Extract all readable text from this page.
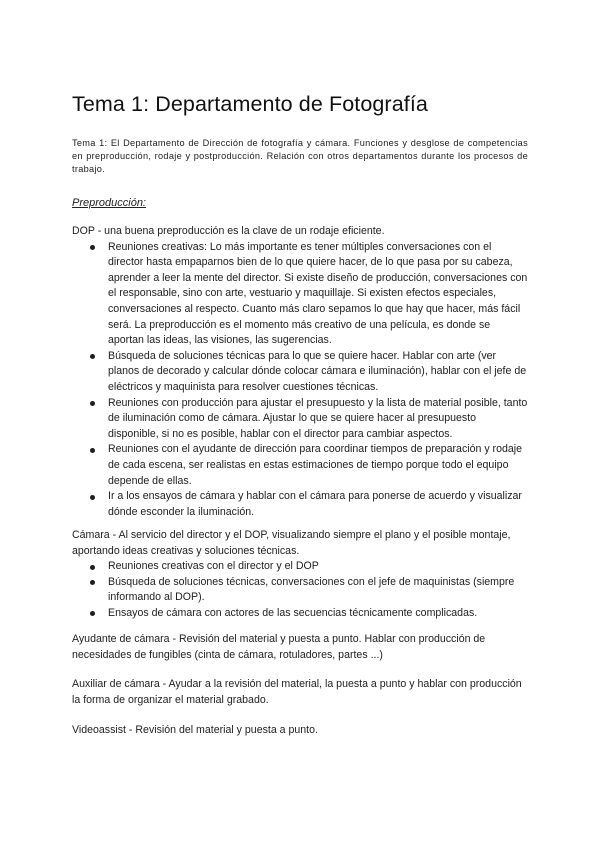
Tema 1: Departamento de Fotografía
Tema 1: El Departamento de Dirección de fotografía y cámara. Funciones y desglose de competencias en preproducción, rodaje y postproducción. Relación con otros departamentos durante los procesos de trabajo.
Preproducción:

DOP - una buena preproducción es la clave de un rodaje eficiente.

Reuniones creativas: Lo más importante es tener múltiples conversaciones con el director hasta empaparnos bien de lo que quiere hacer, de lo que pasa por su cabeza, aprender a leer la mente del director. Si existe diseño de producción, conversaciones con el responsable, sino con arte, vestuario y maquillaje. Si existen efectos especiales, conversaciones al respecto. Cuanto más claro sepamos lo que hay que hacer, más fácil será. La preproducción es el momento más creativo de una película, es donde se aportan las ideas, las visiones, las sugerencias.
Búsqueda de soluciones técnicas para lo que se quiere hacer. Hablar con arte (ver planos de decorado y calcular dónde colocar cámara e iluminación), hablar con el jefe de eléctricos y maquinista para resolver cuestiones técnicas.
Reuniones con producción para ajustar el presupuesto y la lista de material posible, tanto de iluminación como de cámara. Ajustar lo que se quiere hacer al presupuesto disponible, si no es posible, hablar con el director para cambiar aspectos.
Reuniones con el ayudante de dirección para coordinar tiempos de preparación y rodaje de cada escena, ser realistas en estas estimaciones de tiempo porque todo el equipo depende de ellas.
Ir a los ensayos de cámara y hablar con el cámara para ponerse de acuerdo y visualizar dónde esconder la iluminación.

Cámara - Al servicio del director y el DOP, visualizando siempre el plano y el posible montaje, aportando ideas creativas y soluciones técnicas.

Reuniones creativas con el director y el DOP
Búsqueda de soluciones técnicas, conversaciones con el jefe de maquinistas (siempre informando al DOP).
Ensayos de cámara con actores de las secuencias técnicamente complicadas.
Ayudante de cámara - Revisión del material y puesta a punto. Hablar con producción de necesidades de fungibles (cinta de cámara, rotuladores, partes ...)
Auxiliar de cámara - Ayudar a la revisión del material, la puesta a punto y hablar con producción la forma de organizar el material grabado.
Videoassist - Revisión del material y puesta a punto.
